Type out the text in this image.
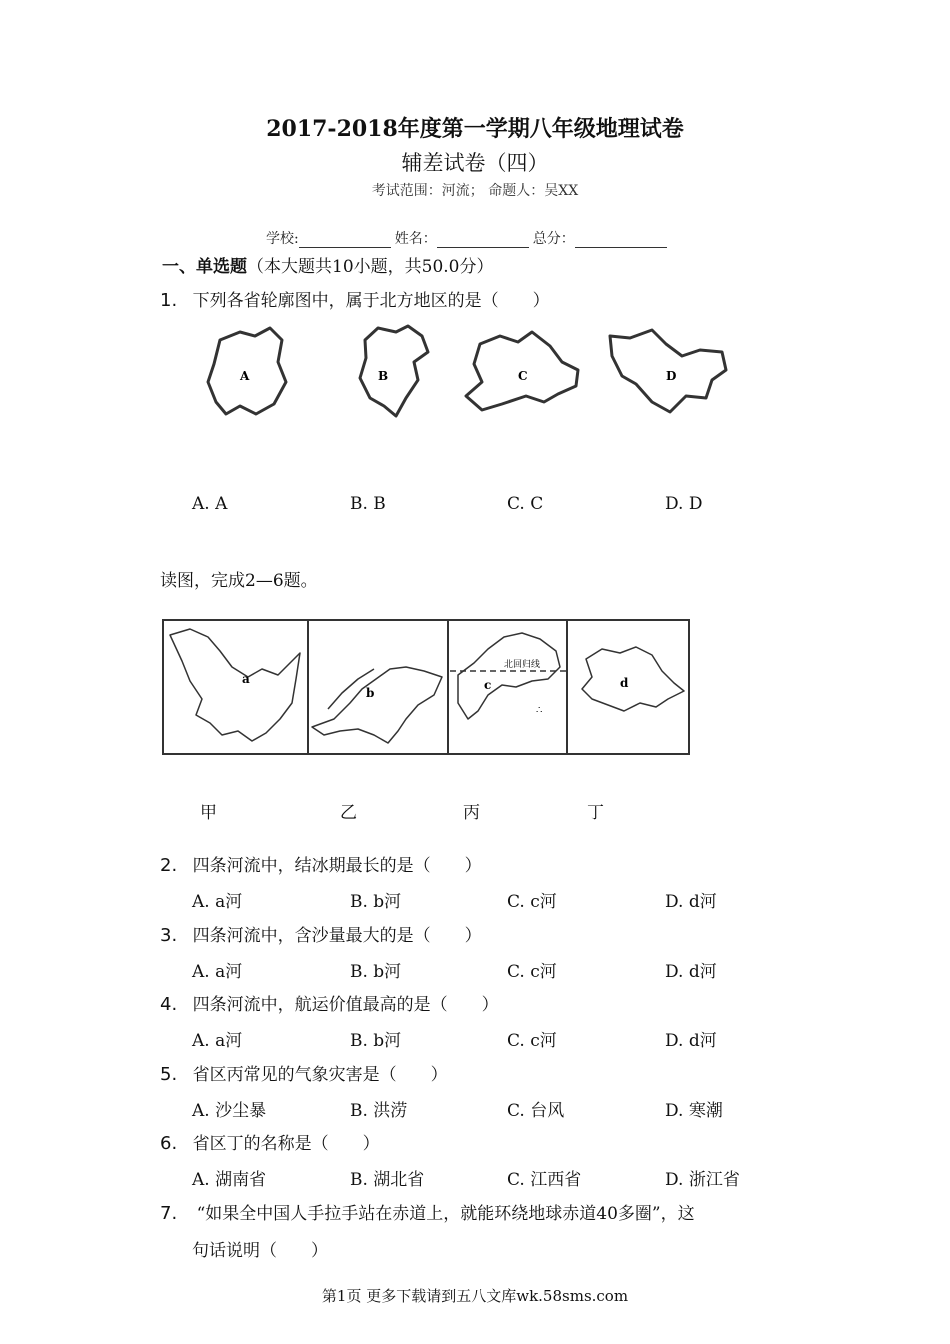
2017-2018年度第一学期八年级地理试卷
辅差试卷（四）
考试范围：河流； 命题人：吴XX
学校:	姓名：	总分：
一、单选题（本大题共10小题，共50.0分）
1. 下列各省轮廓图中，属于北方地区的是（　　）
A	B	C	D
A. A	B. B	C. C	D. D
读图，完成2—6题。
a
b
c	d
北回归线
∴
甲	乙	丙	丁
2. 四条河流中，结冰期最长的是（　　）
A. a河	B. b河	C. c河	D. d河
3. 四条河流中，含沙量最大的是（　　）
A. a河	B. b河	C. c河	D. d河
4. 四条河流中，航运价值最高的是（　　）
A. a河	B. b河	C. c河	D. d河
5. 省区丙常见的气象灾害是（　　）
A. 沙尘暴	B. 洪涝	C. 台风	D. 寒潮
6. 省区丁的名称是（　　）
A. 湖南省	B. 湖北省	C. 江西省	D. 浙江省
7. “如果全中国人手拉手站在赤道上，就能环绕地球赤道40多圈”，这
句话说明（　　）
第1页 更多下载请到五八文库wk.58sms.com
